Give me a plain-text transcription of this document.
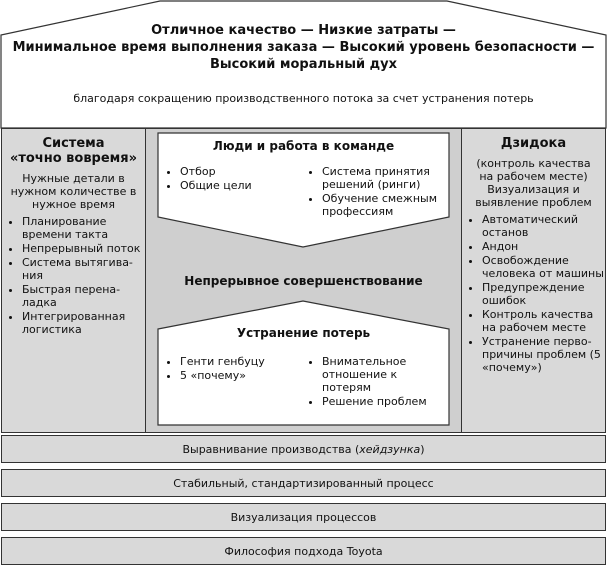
Отличное качество — Низкие затраты —
Минимальное время выполнения заказа — Высокий уровень безопасности —
Высокий моральный дух
благодаря сокращению производственного потока за счет устранения потерь
Система
«точно вовремя»
Нужные детали в нужном количестве в нужное время
• Планирование времени такта
• Непрерывный поток
• Система вытягива-ния
• Быстрая перена-ладка
• Интегрированная логистика
Люди и работа в команде
• Отбор
• Общие цели
• Система принятия решений (ринги)
• Обучение смежным профессиям
Непрерывное совершенствование
Устранение потерь
• Генти генбуцу
• 5 «почему»
• Внимательное отношение к потерям
• Решение проблем
Дзидока
(контроль качества на рабочем месте)
Визуализация и выявление проблем
• Автоматический останов
• Андон
• Освобождение человека от машины
• Предупреждение ошибок
• Контроль качества на рабочем месте
• Устранение перво-причины проблем (5 «почему»)
Выравнивание производства ( хейдзунка )
Стабильный, стандартизированный процесс
Визуализация процессов
Философия подхода Toyota
